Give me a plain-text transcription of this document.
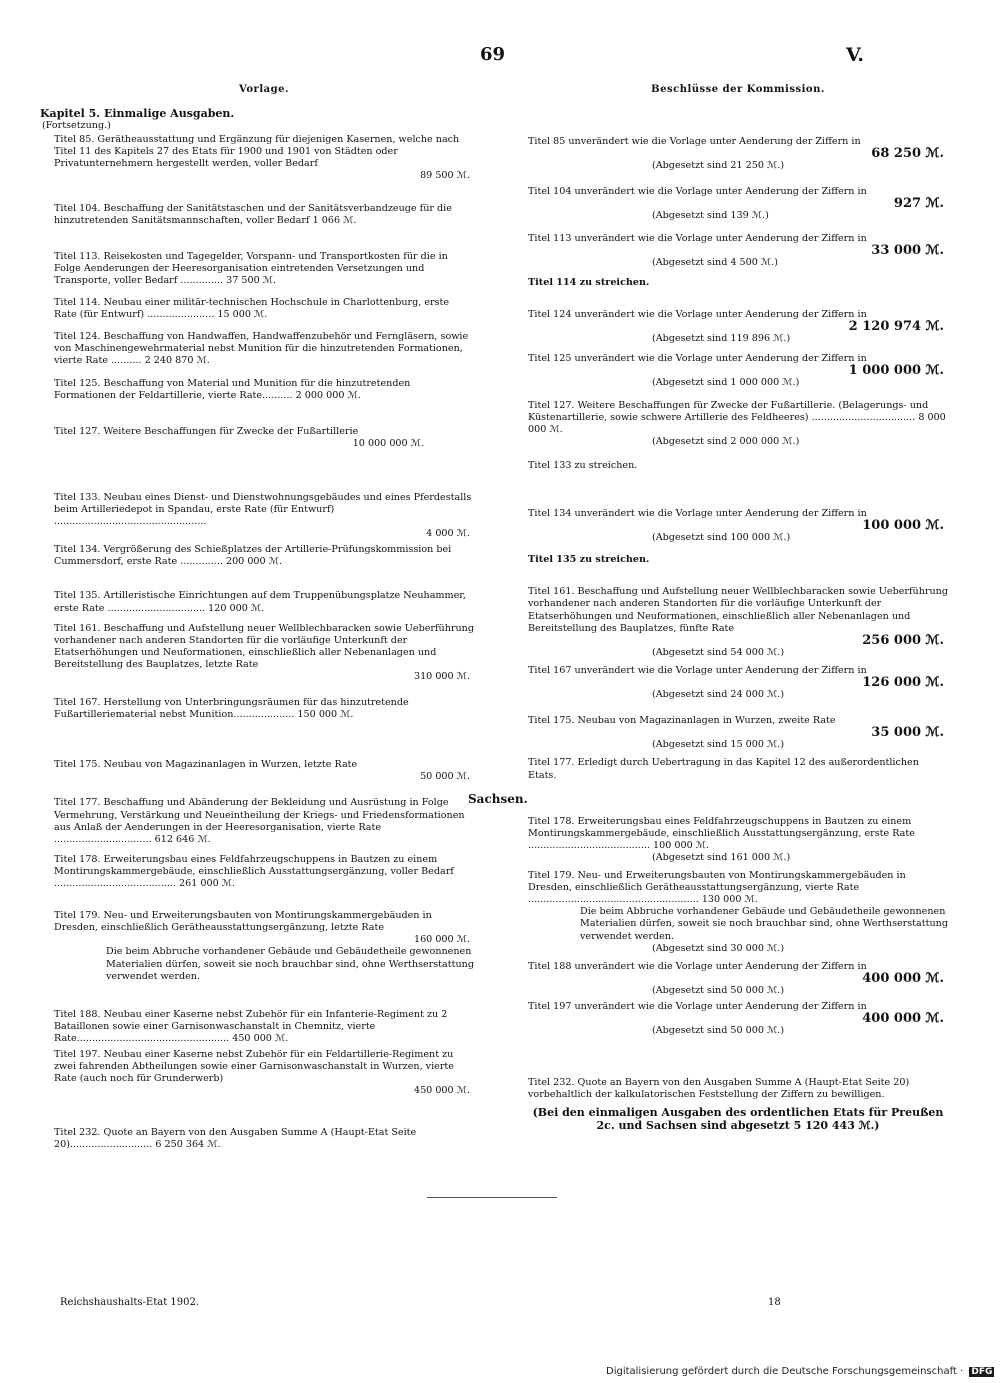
69	V.
Vorlage.
Kapitel 5. Einmalige Ausgaben.
(Fortsetzung.)
Titel 85. Gerätheausstattung und Ergänzung für diejenigen Kasernen, welche nach Titel 11 des Kapitels 27 des Etats für 1900 und 1901 von Städten oder Privatunternehmern hergestellt werden, voller Bedarf
89 500 ℳ.
Titel 104. Beschaffung der Sanitätstaschen und der Sanitätsverbandzeuge für die hinzutretenden Sanitätsmannschaften, voller Bedarf 1 066 ℳ.
Titel 113. Reisekosten und Tagegelder, Vorspann- und Transportkosten für die in Folge Aenderungen der Heeresorganisation eintretenden Versetzungen und Transporte, voller Bedarf .............. 37 500 ℳ.
Titel 114. Neubau einer militär-technischen Hochschule in Charlottenburg, erste Rate (für Entwurf) ...................... 15 000 ℳ.
Titel 124. Beschaffung von Handwaffen, Handwaffenzubehör und Ferngläsern, sowie von Maschinengewehrmaterial nebst Munition für die hinzutretenden Formationen, vierte Rate .......... 2 240 870 ℳ.
Titel 125. Beschaffung von Material und Munition für die hinzutretenden Formationen der Feldartillerie, vierte Rate.......... 2 000 000 ℳ.
Titel 127. Weitere Beschaffungen für Zwecke der Fußartillerie
10 000 000 ℳ.
Titel 133. Neubau eines Dienst- und Dienstwohnungsgebäudes und eines Pferdestalls beim Artilleriedepot in Spandau, erste Rate (für Entwurf) ..................................................
4 000 ℳ.
Titel 134. Vergrößerung des Schießplatzes der Artillerie-Prüfungskommission bei Cummersdorf, erste Rate .............. 200 000 ℳ.
Titel 135. Artilleristische Einrichtungen auf dem Truppenübungsplatze Neuhammer, erste Rate ................................ 120 000 ℳ.
Titel 161. Beschaffung und Aufstellung neuer Wellblechbaracken sowie Ueberführung vorhandener nach anderen Standorten für die vorläufige Unterkunft der Etatserhöhungen und Neuformationen, einschließlich aller Nebenanlagen und Bereitstellung des Bauplatzes, letzte Rate
310 000 ℳ.
Titel 167. Herstellung von Unterbringungsräumen für das hinzutretende Fußartilleriematerial nebst Munition.................... 150 000 ℳ.
Titel 175. Neubau von Magazinanlagen in Wurzen, letzte Rate
50 000 ℳ.
Titel 177. Beschaffung und Abänderung der Bekleidung und Ausrüstung in Folge Vermehrung, Verstärkung und Neueintheilung der Kriegs- und Friedensformationen aus Anlaß der Aenderungen in der Heeresorganisation, vierte Rate ................................ 612 646 ℳ.
Titel 178. Erweiterungsbau eines Feldfahrzeugschuppens in Bautzen zu einem Montirungskammergebäude, einschließlich Ausstattungsergänzung, voller Bedarf ........................................ 261 000 ℳ.
Titel 179. Neu- und Erweiterungsbauten von Montirungskammergebäuden in Dresden, einschließlich Gerätheausstattungsergänzung, letzte Rate
160 000 ℳ.
Die beim Abbruche vorhandener Gebäude und Gebäudetheile gewonnenen Materialien dürfen, soweit sie noch brauchbar sind, ohne Werthserstattung verwendet werden.
Titel 188. Neubau einer Kaserne nebst Zubehör für ein Infanterie-Regiment zu 2 Bataillonen sowie einer Garnisonwaschanstalt in Chemnitz, vierte Rate.................................................. 450 000 ℳ.
Titel 197. Neubau einer Kaserne nebst Zubehör für ein Feldartillerie-Regiment zu zwei fahrenden Abtheilungen sowie einer Garnisonwaschanstalt in Wurzen, vierte Rate (auch noch für Grunderwerb)
450 000 ℳ.
Titel 232. Quote an Bayern von den Ausgaben Summe A (Haupt-Etat Seite 20)........................... 6 250 364 ℳ.
Beschlüsse der Kommission.
Titel 85 unverändert wie die Vorlage unter Aenderung der Ziffern in
68 250 ℳ.
(Abgesetzt sind 21 250 ℳ.)
Titel 104 unverändert wie die Vorlage unter Aenderung der Ziffern in
927 ℳ.
(Abgesetzt sind 139 ℳ.)
Titel 113 unverändert wie die Vorlage unter Aenderung der Ziffern in
33 000 ℳ.
(Abgesetzt sind 4 500 ℳ.)
Titel 114 zu streichen.
Titel 124 unverändert wie die Vorlage unter Aenderung der Ziffern in
2 120 974 ℳ.
(Abgesetzt sind 119 896 ℳ.)
Titel 125 unverändert wie die Vorlage unter Aenderung der Ziffern in
1 000 000 ℳ.
(Abgesetzt sind 1 000 000 ℳ.)
Titel 127. Weitere Beschaffungen für Zwecke der Fußartillerie. (Belagerungs- und Küstenartillerie, sowie schwere Artillerie des Feldheeres) .................................. 8 000 000 ℳ.
(Abgesetzt sind 2 000 000 ℳ.)
Titel 133 zu streichen.
Titel 134 unverändert wie die Vorlage unter Aenderung der Ziffern in
100 000 ℳ.
(Abgesetzt sind 100 000 ℳ.)
Titel 135 zu streichen.
Titel 161. Beschaffung und Aufstellung neuer Wellblechbaracken sowie Ueberführung vorhandener nach anderen Standorten für die vorläufige Unterkunft der Etatserhöhungen und Neuformationen, einschließlich aller Nebenanlagen und Bereitstellung des Bauplatzes, fünfte Rate
256 000 ℳ.
(Abgesetzt sind 54 000 ℳ.)
Titel 167 unverändert wie die Vorlage unter Aenderung der Ziffern in
126 000 ℳ.
(Abgesetzt sind 24 000 ℳ.)
Titel 175. Neubau von Magazinanlagen in Wurzen, zweite Rate
35 000 ℳ.
(Abgesetzt sind 15 000 ℳ.)
Titel 177. Erledigt durch Uebertragung in das Kapitel 12 des außerordentlichen Etats.
Titel 178. Erweiterungsbau eines Feldfahrzeugschuppens in Bautzen zu einem Montirungskammergebäude, einschließlich Ausstattungsergänzung, erste Rate ........................................ 100 000 ℳ.
(Abgesetzt sind 161 000 ℳ.)
Titel 179. Neu- und Erweiterungsbauten von Montirungskammergebäuden in Dresden, einschließlich Gerätheausstattungsergänzung, vierte Rate ........................................................ 130 000 ℳ.
Die beim Abbruche vorhandener Gebäude und Gebäudetheile gewonnenen Materialien dürfen, soweit sie noch brauchbar sind, ohne Werthserstattung verwendet werden.
(Abgesetzt sind 30 000 ℳ.)
Titel 188 unverändert wie die Vorlage unter Aenderung der Ziffern in
400 000 ℳ.
(Abgesetzt sind 50 000 ℳ.)
Titel 197 unverändert wie die Vorlage unter Aenderung der Ziffern in
400 000 ℳ.
(Abgesetzt sind 50 000 ℳ.)
Titel 232. Quote an Bayern von den Ausgaben Summe A (Haupt-Etat Seite 20) vorbehaltlich der kalkulatorischen Feststellung der Ziffern zu bewilligen.
(Bei den einmaligen Ausgaben des ordentlichen Etats für Preußen 2c. und Sachsen sind abgesetzt 5 120 443 ℳ.)
Sachsen.
Reichshaushalts-Etat 1902.	18
Digitalisierung gefördert durch die Deutsche Forschungsgemeinschaft · DFG
